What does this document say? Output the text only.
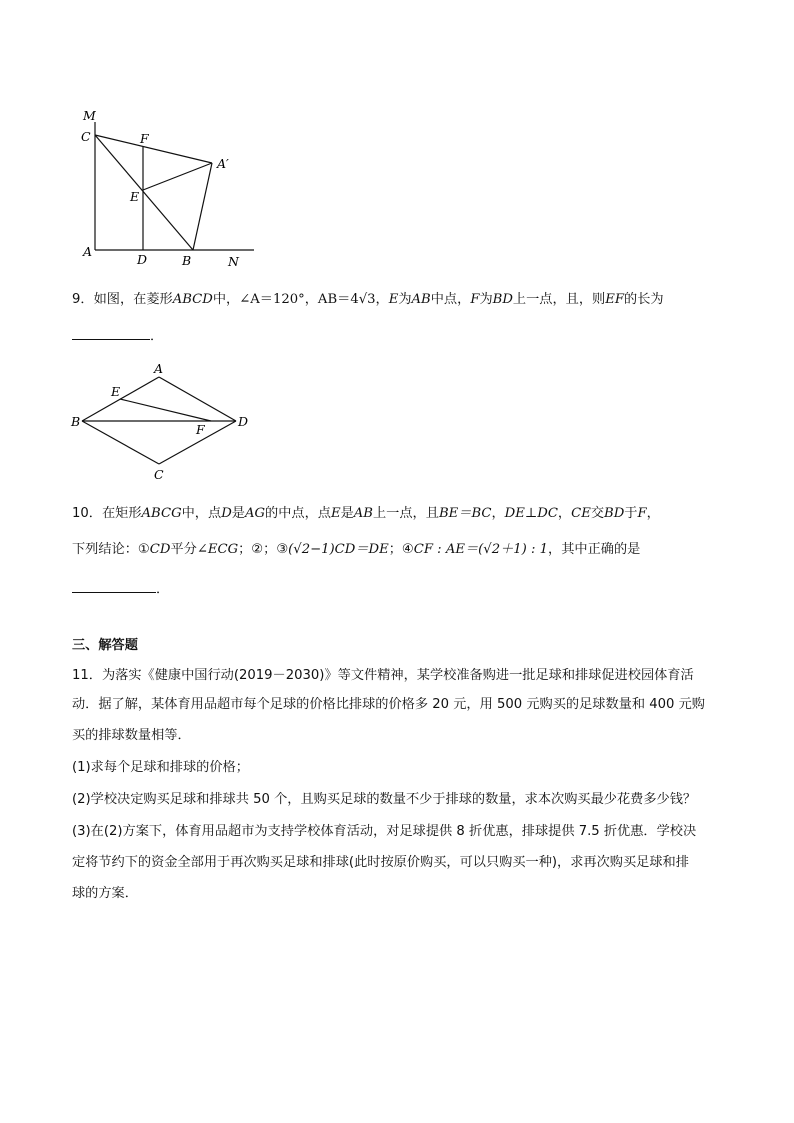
M
C	F
A′
E
A
D	B	N
9．如图，在菱形ABCD中，∠A＝120°，AB＝4√3，E为AB中点，F为BD上一点，且，则EF的长为
．
A
E
B
F
D
C
10．在矩形ABCG中，点D是AG的中点，点E是AB上一点，且BE＝BC，DE⊥DC，CE交BD于F，
下列结论：①CD平分∠ECG；②；③(√2−1)CD＝DE；④CF : AE＝(√2＋1) : 1，其中正确的是
．
三、解答题
11．为落实《健康中国行动(2019－2030)》等文件精神，某学校准备购进一批足球和排球促进校园体育活
动．据了解，某体育用品超市每个足球的价格比排球的价格多 20 元，用 500 元购买的足球数量和 400 元购
买的排球数量相等．
(1)求每个足球和排球的价格；
(2)学校决定购买足球和排球共 50 个，且购买足球的数量不少于排球的数量，求本次购买最少花费多少钱？
(3)在(2)方案下，体育用品超市为支持学校体育活动，对足球提供 8 折优惠，排球提供 7.5 折优惠．学校决
定将节约下的资金全部用于再次购买足球和排球(此时按原价购买，可以只购买一种)，求再次购买足球和排
球的方案．
